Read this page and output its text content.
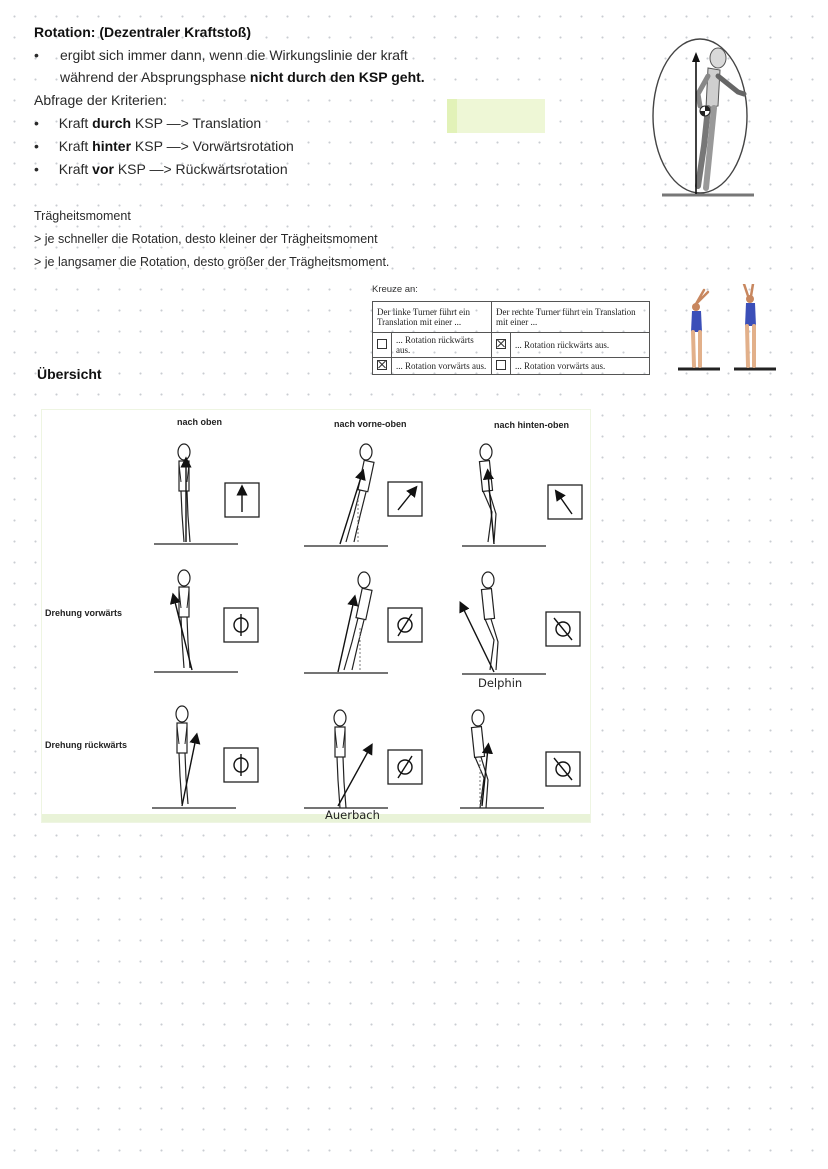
Rotation: (Dezentraler Kraftstoß)
• ergibt sich immer dann, wenn die Wirkungslinie der kraft
während der Absprungsphase nicht durch den KSP geht.
Abfrage der Kriterien:
• Kraft durch KSP —> Translation
• Kraft hinter KSP —> Vorwärtsrotation
• Kraft vor KSP —> Rückwärtsrotation
Trägheitsmoment
> je schneller die Rotation, desto kleiner der Trägheitsmoment
> je langsamer die Rotation, desto größer der Trägheitsmoment.
Kreuze an:
Der linke Turner führt ein Translation mit einer ...		Der rechte Turner führt ein Translation mit einer ...	
	... Rotation rückwärts aus.		... Rotation rückwärts aus.
	... Rotation vorwärts aus.		... Rotation vorwärts aus.
Übersicht
nach oben	nach vorne-oben	nach hinten-oben
Drehung vorwärts
Drehung rückwärts
Delphin
Auerbach
